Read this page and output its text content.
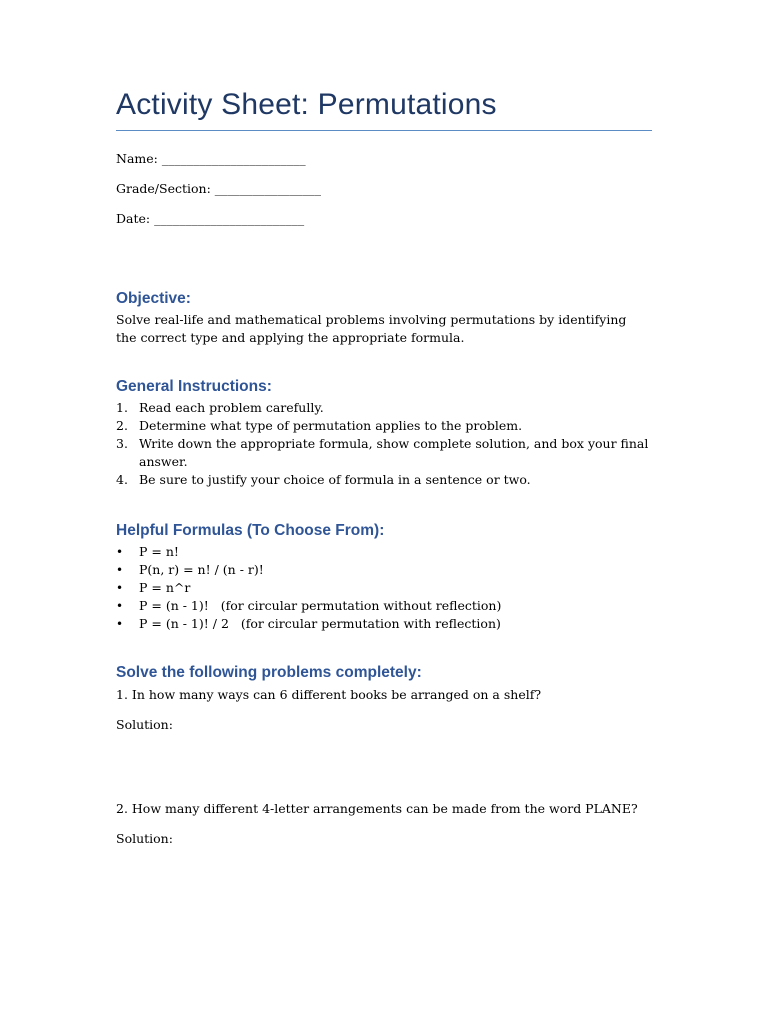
Activity Sheet: Permutations
Name: _______________________
Grade/Section: _________________
Date: ________________________
Objective:
Solve real-life and mathematical problems involving permutations by identifying the correct type and applying the appropriate formula.
General Instructions:
1. Read each problem carefully.
2. Determine what type of permutation applies to the problem.
3. Write down the appropriate formula, show complete solution, and box your final answer.
4. Be sure to justify your choice of formula in a sentence or two.
Helpful Formulas (To Choose From):
• P = n!
• P(n, r) = n! / (n - r)!
• P = n^r
• P = (n - 1)!   (for circular permutation without reflection)
• P = (n - 1)! / 2   (for circular permutation with reflection)
Solve the following problems completely:
1. In how many ways can 6 different books be arranged on a shelf?
Solution:
2. How many different 4-letter arrangements can be made from the word PLANE?
Solution:
